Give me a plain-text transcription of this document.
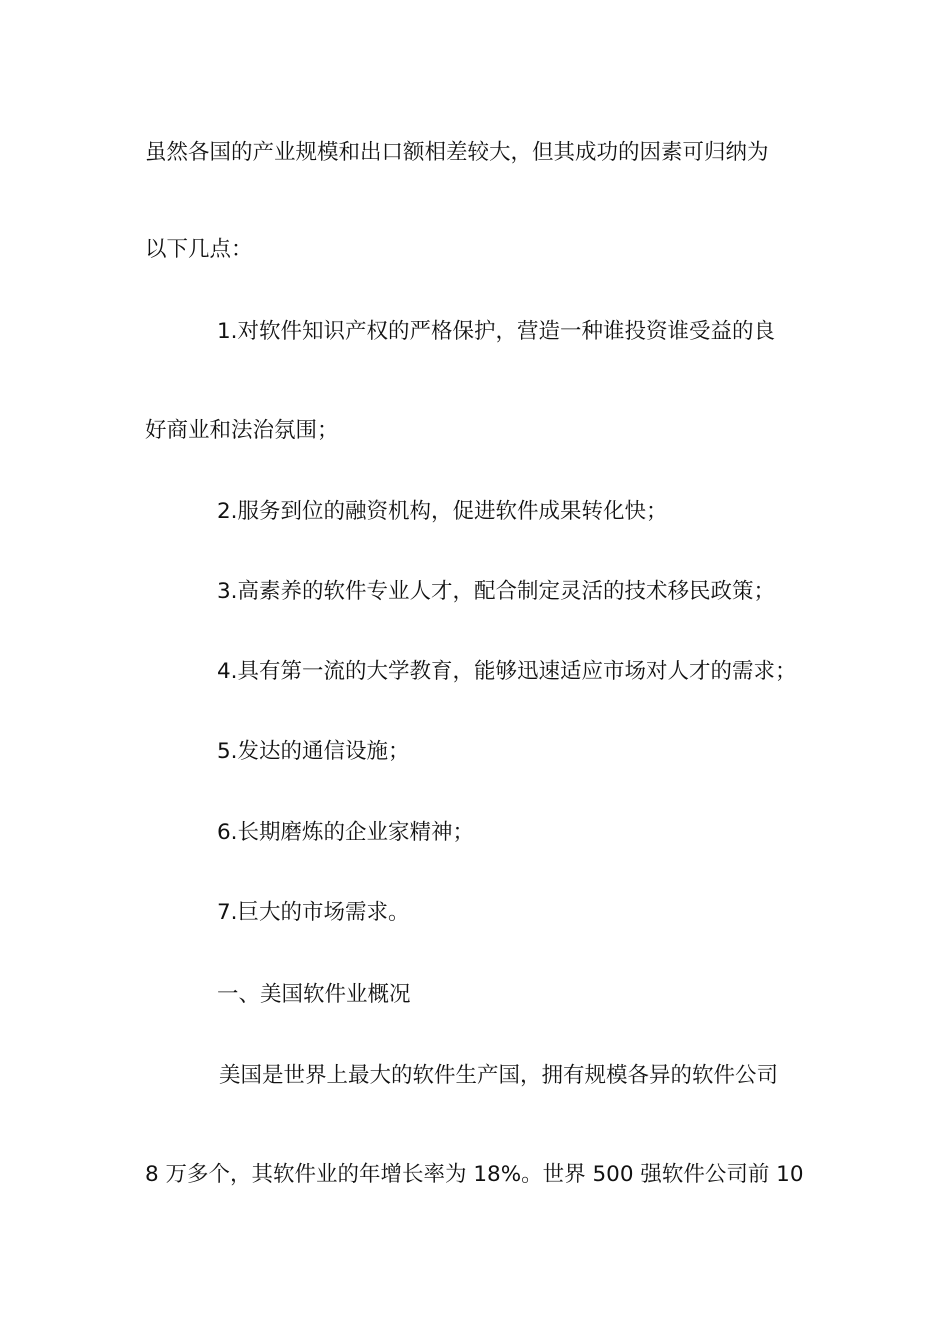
虽然各国的产业规模和出口额相差较大，但其成功的因素可归纳为
以下几点：
1.对软件知识产权的严格保护，营造一种谁投资谁受益的良
好商业和法治氛围；
2.服务到位的融资机构，促进软件成果转化快；
3.高素养的软件专业人才，配合制定灵活的技术移民政策；
4.具有第一流的大学教育，能够迅速适应市场对人才的需求；
5.发达的通信设施；
6.长期磨炼的企业家精神；
7.巨大的市场需求。
一、美国软件业概况
美国是世界上最大的软件生产国，拥有规模各异的软件公司
8 万多个，其软件业的年增长率为 18%。世界 500 强软件公司前 10
